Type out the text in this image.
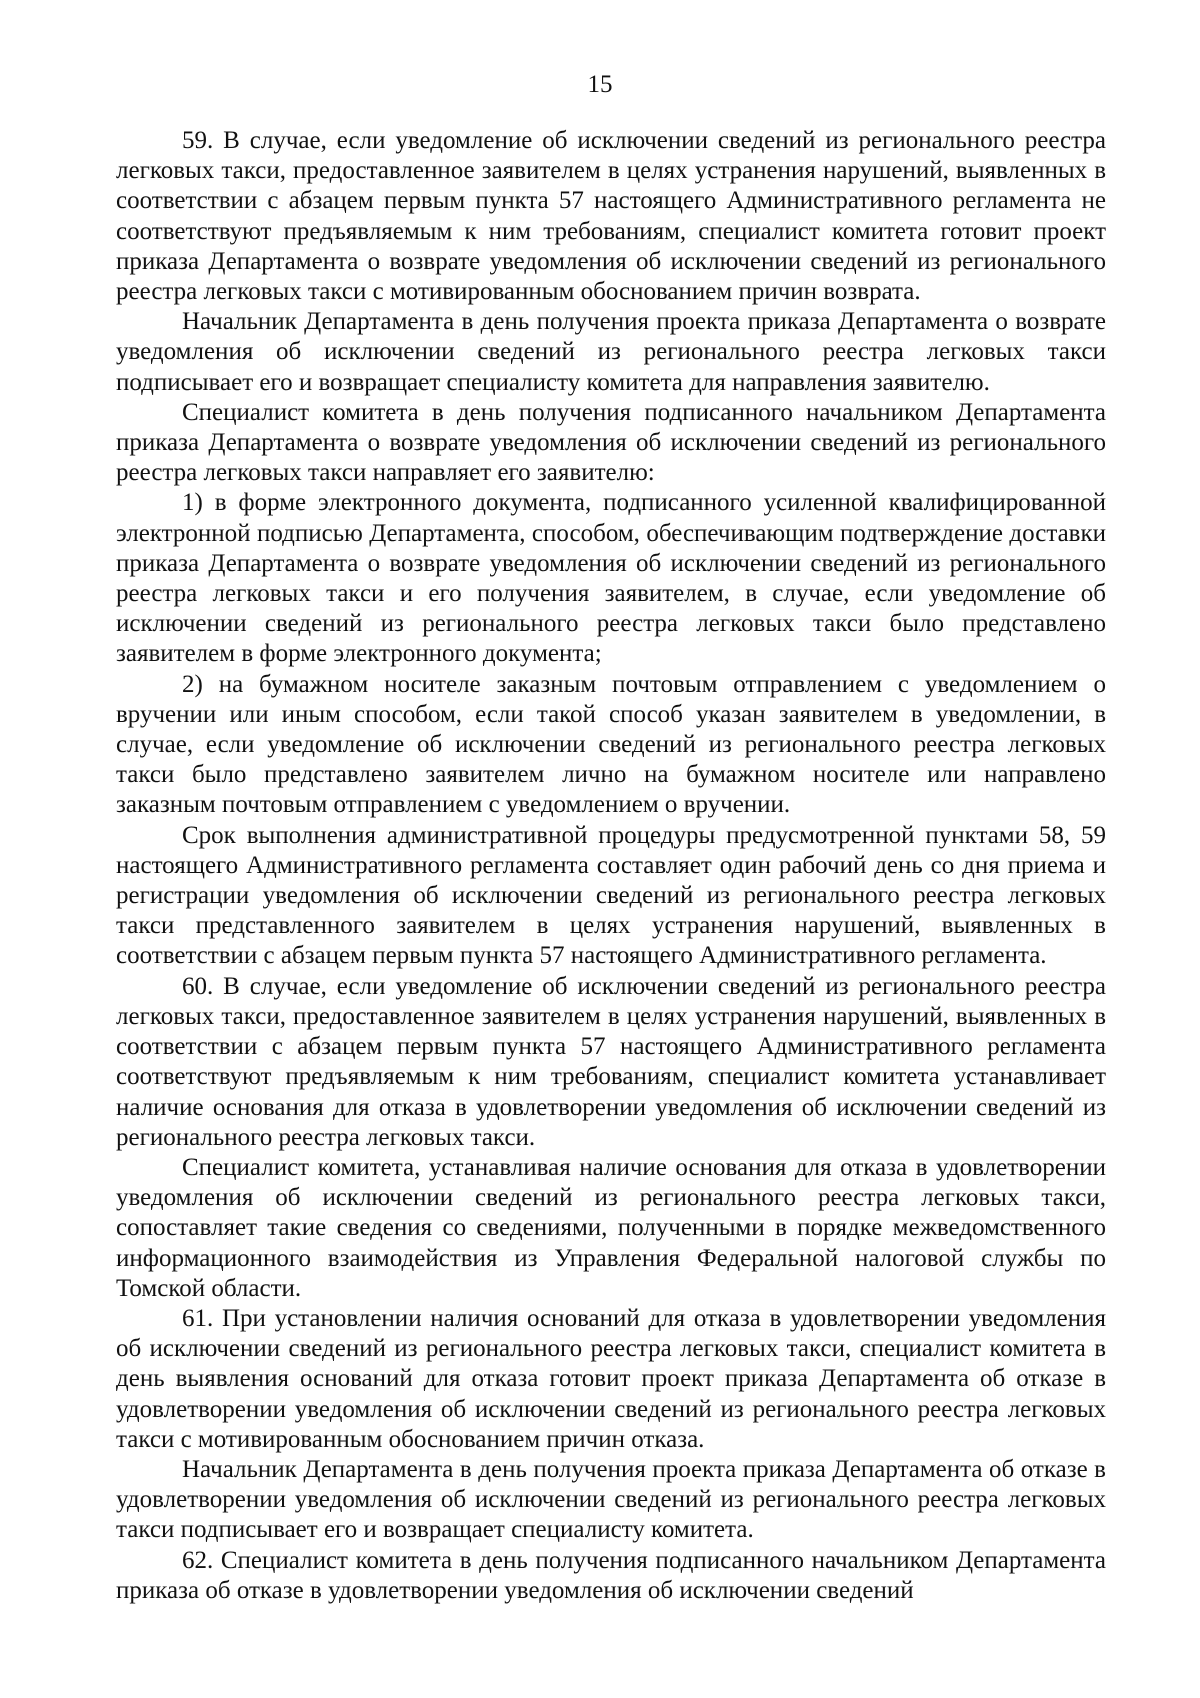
15

59. В случае, если уведомление об исключении сведений из регионального реестра легковых такси, предоставленное заявителем в целях устранения нарушений, выявленных в соответствии с абзацем первым пункта 57 настоящего Административного регламента не соответствуют предъявляемым к ним требованиям, специалист комитета готовит проект приказа Департамента о возврате уведомления об исключении сведений из регионального реестра легковых такси с мотивированным обоснованием причин возврата.

Начальник Департамента в день получения проекта приказа Департамента о возврате уведомления об исключении сведений из регионального реестра легковых такси подписывает его и возвращает специалисту комитета для направления заявителю.

Специалист комитета в день получения подписанного начальником Департамента приказа Департамента о возврате уведомления об исключении сведений из регионального реестра легковых такси направляет его заявителю:

1) в форме электронного документа, подписанного усиленной квалифицированной электронной подписью Департамента, способом, обеспечивающим подтверждение доставки приказа Департамента о возврате уведомления об исключении сведений из регионального реестра легковых такси и его получения заявителем, в случае, если уведомление об исключении сведений из регионального реестра легковых такси было представлено заявителем в форме электронного документа;

2) на бумажном носителе заказным почтовым отправлением с уведомлением о вручении или иным способом, если такой способ указан заявителем в уведомлении, в случае, если уведомление об исключении сведений из регионального реестра легковых такси было представлено заявителем лично на бумажном носителе или направлено заказным почтовым отправлением с уведомлением о вручении.

Срок выполнения административной процедуры предусмотренной пунктами 58, 59 настоящего Административного регламента составляет один рабочий день со дня приема и регистрации уведомления об исключении сведений из регионального реестра легковых такси представленного заявителем в целях устранения нарушений, выявленных в соответствии с абзацем первым пункта 57 настоящего Административного регламента.

60. В случае, если уведомление об исключении сведений из регионального реестра легковых такси, предоставленное заявителем в целях устранения нарушений, выявленных в соответствии с абзацем первым пункта 57 настоящего Административного регламента соответствуют предъявляемым к ним требованиям, специалист комитета устанавливает наличие основания для отказа в удовлетворении уведомления об исключении сведений из регионального реестра легковых такси.

Специалист комитета, устанавливая наличие основания для отказа в удовлетворении уведомления об исключении сведений из регионального реестра легковых такси, сопоставляет такие сведения со сведениями, полученными в порядке межведомственного информационного взаимодействия из Управления Федеральной налоговой службы по Томской области.

61. При установлении наличия оснований для отказа в удовлетворении уведомления об исключении сведений из регионального реестра легковых такси, специалист комитета в день выявления оснований для отказа готовит проект приказа Департамента об отказе в удовлетворении уведомления об исключении сведений из регионального реестра легковых такси с мотивированным обоснованием причин отказа.

Начальник Департамента в день получения проекта приказа Департамента об отказе в удовлетворении уведомления об исключении сведений из регионального реестра легковых такси подписывает его и возвращает специалисту комитета.

62. Специалист комитета в день получения подписанного начальником Департамента приказа об отказе в удовлетворении уведомления об исключении сведений
